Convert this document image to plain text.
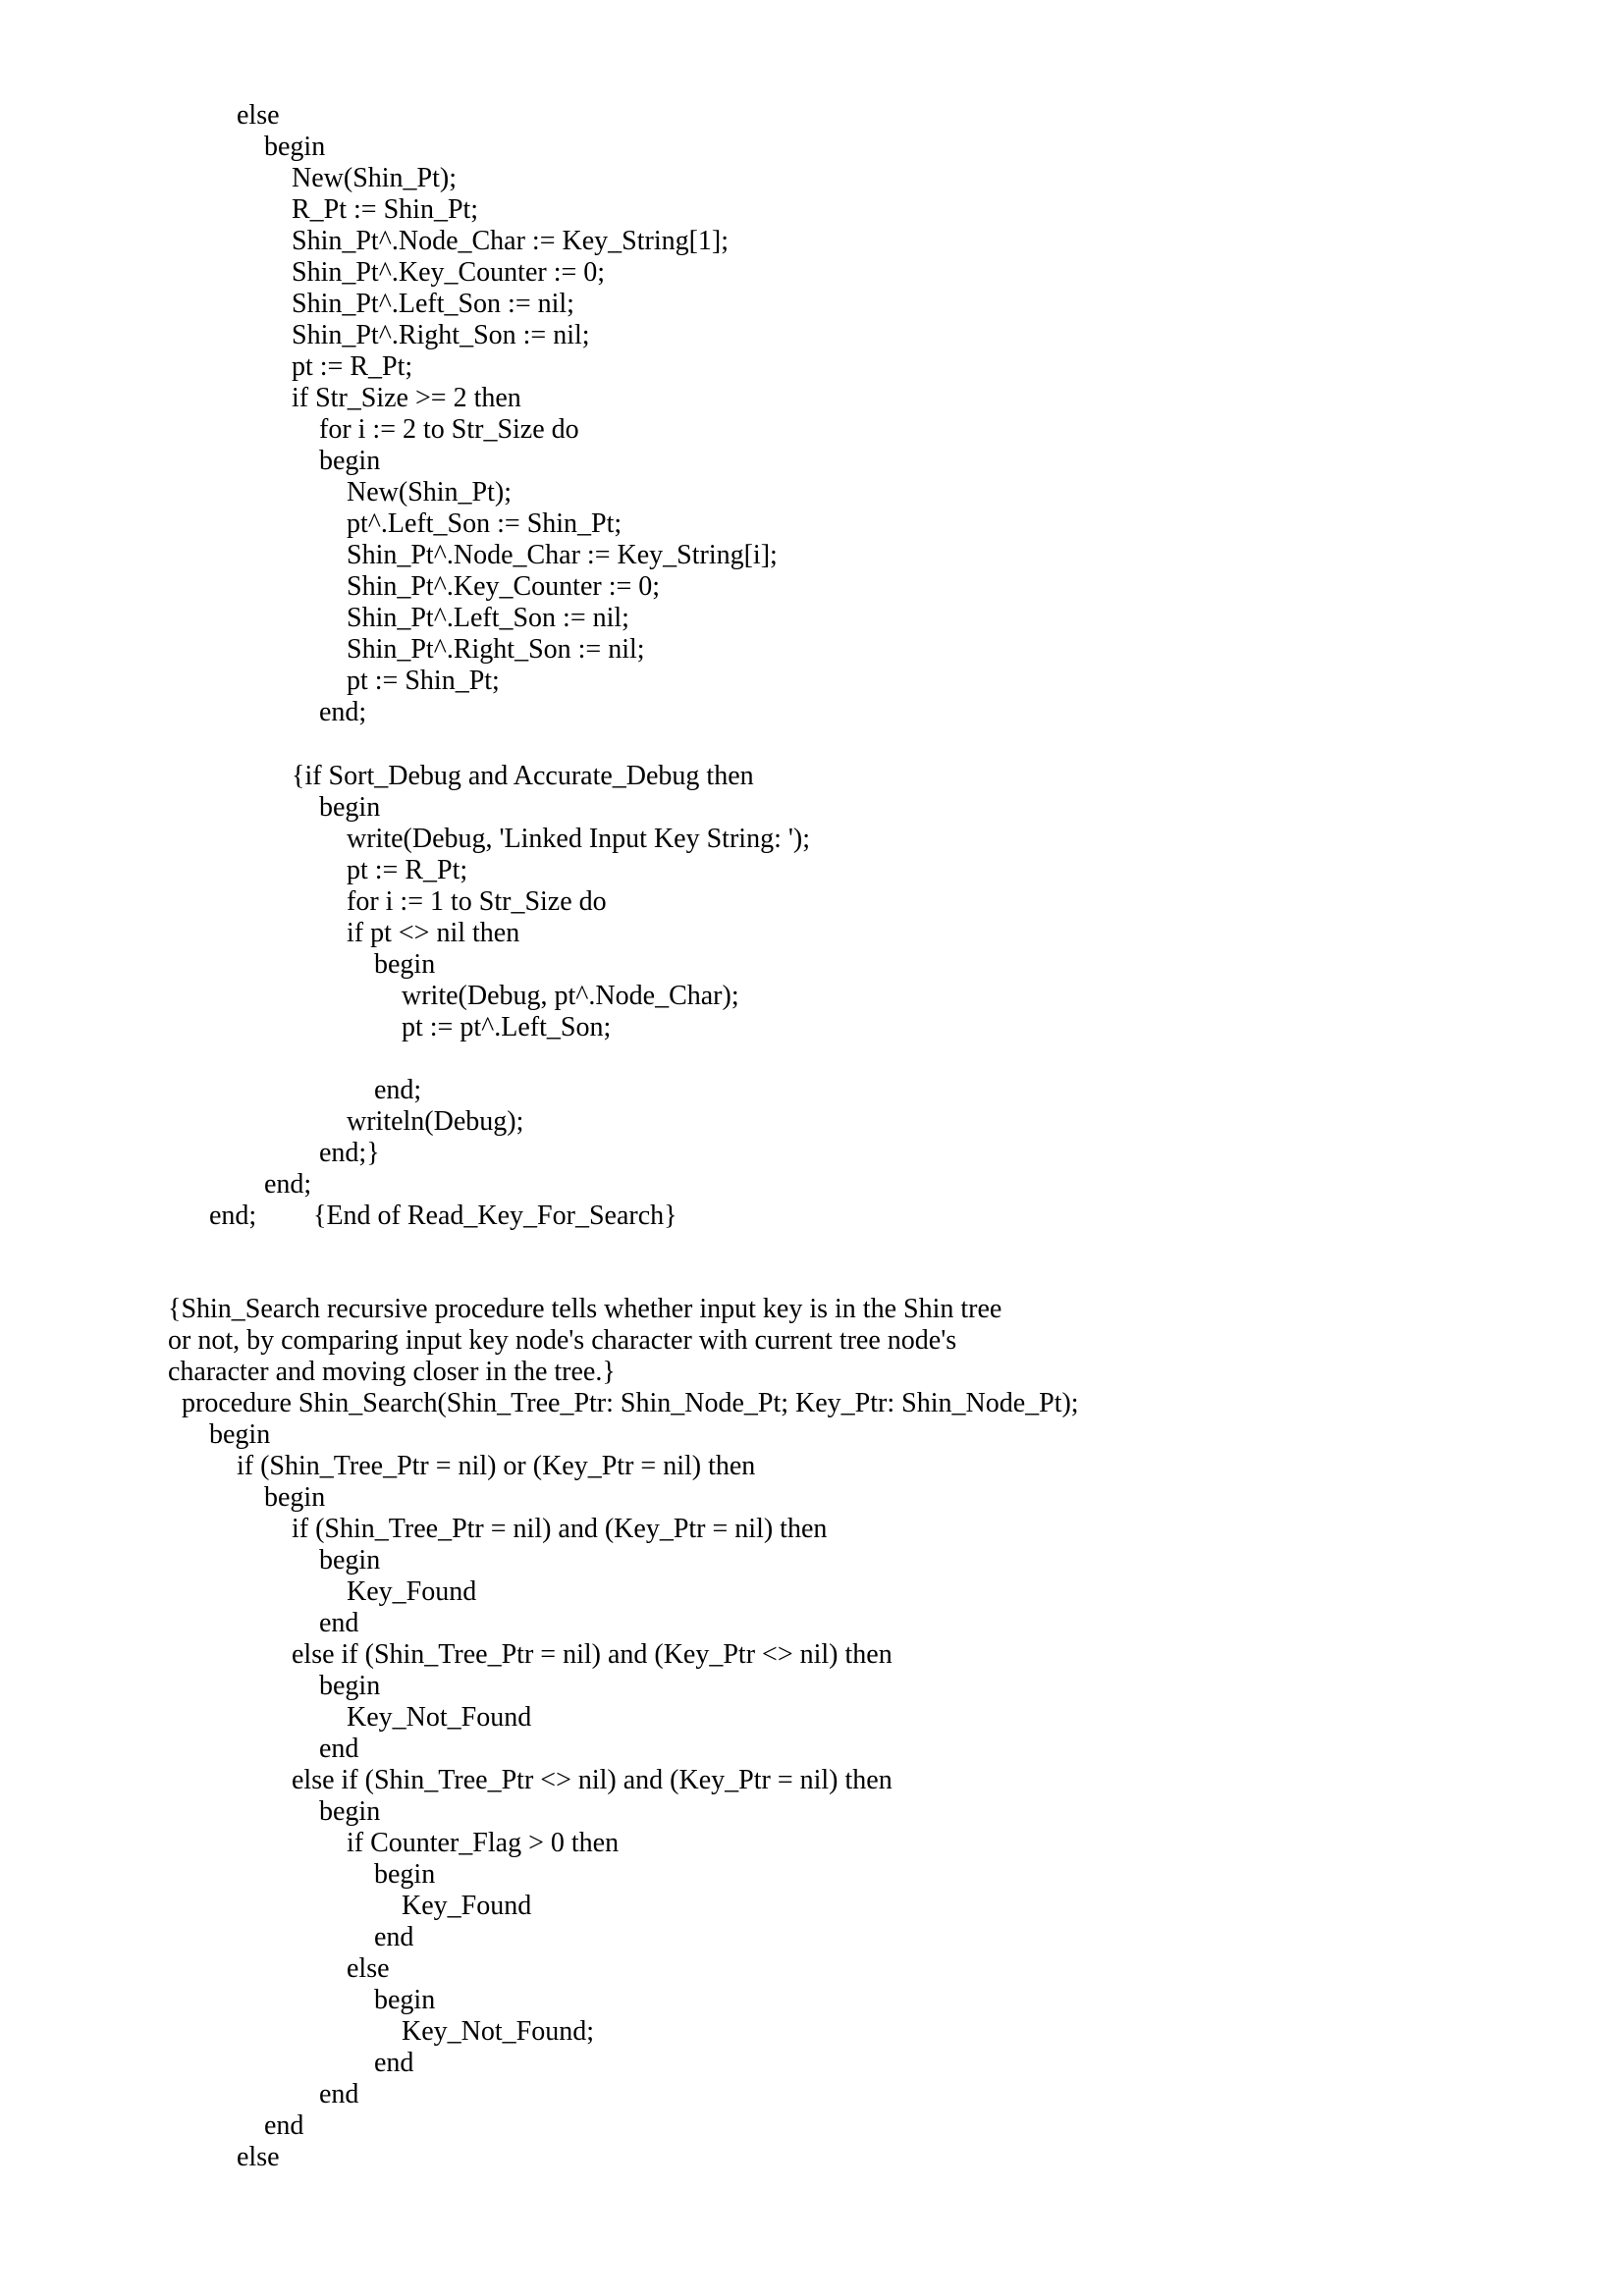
else

begin

New(Shin_Pt);

R_Pt := Shin_Pt;

Shin_Pt^.Node_Char := Key_String[1];

Shin_Pt^.Key_Counter := 0;

Shin_Pt^.Left_Son := nil;

Shin_Pt^.Right_Son := nil;

pt := R_Pt;

if Str_Size >= 2 then

for i := 2 to Str_Size do

begin

New(Shin_Pt);

pt^.Left_Son := Shin_Pt;

Shin_Pt^.Node_Char := Key_String[i];

Shin_Pt^.Key_Counter := 0;

Shin_Pt^.Left_Son := nil;

Shin_Pt^.Right_Son := nil;

pt := Shin_Pt;

end;

{if Sort_Debug and Accurate_Debug then

begin

write(Debug, 'Linked Input Key String: ');

pt := R_Pt;

for i := 1 to Str_Size do

if pt <> nil then

begin

write(Debug, pt^.Node_Char);

pt := pt^.Left_Son;

end;

writeln(Debug);

end;}

end;

end;

{End of Read_Key_For_Search}

{Shin_Search recursive procedure tells whether input key is in the Shin tree

or not, by comparing input key node's character with current tree node's

character and moving closer in the tree.}

procedure Shin_Search(Shin_Tree_Ptr: Shin_Node_Pt; Key_Ptr: Shin_Node_Pt);

begin

if (Shin_Tree_Ptr = nil) or (Key_Ptr = nil) then

begin

if (Shin_Tree_Ptr = nil) and (Key_Ptr = nil) then

begin

Key_Found

end

else if (Shin_Tree_Ptr = nil) and (Key_Ptr <> nil) then

begin

Key_Not_Found

end

else if (Shin_Tree_Ptr <> nil) and (Key_Ptr = nil) then

begin

if Counter_Flag > 0 then

begin

Key_Found

end

else

begin

Key_Not_Found;

end

end

end

else
